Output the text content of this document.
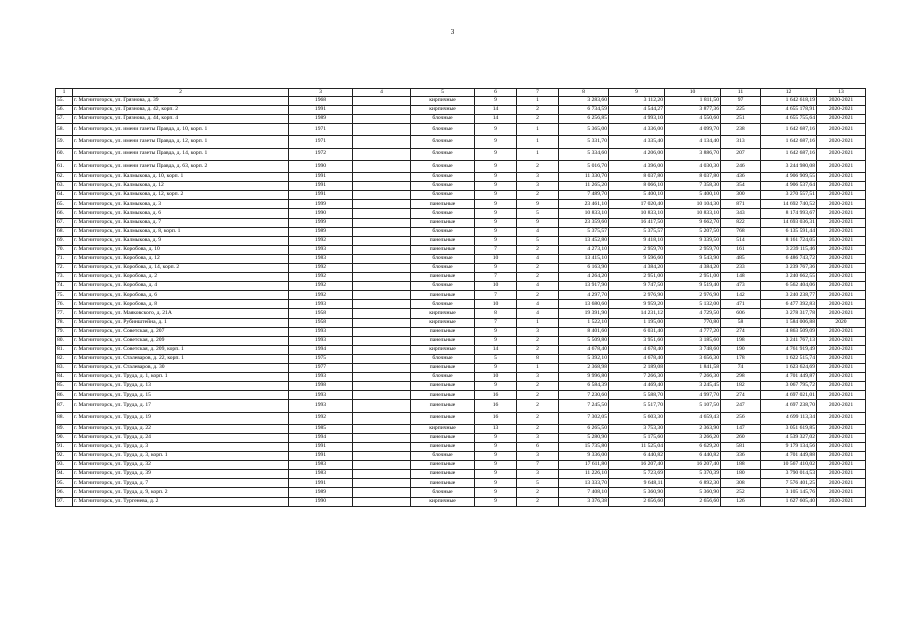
3
1	2	3	4	5	6	7	8	9	10	11	12	13
55.	г. Магнитогорск, ул. Грязнова, д. 39	1968		кирпичные	9	1	3 283,60	3 112,20	1 811,50	97	1 642 618,19	2020-2021
56.	г. Магнитогорск, ул. Грязнова, д. 42, корп. 2	1991		кирпичные	14	2	6 734,59	4 544,27	3 877,36	225	4 655 178,91	2020-2021
57.	г. Магнитогорск, ул. Грязнова, д. 44, корп. 4	1989		блочные	14	2	6 256,85	4 993,10	4 550,60	251	4 655 755,64	2020-2021
58.	г. Магнитогорск, ул. имени газеты Правда, д. 10, корп. 1	1971		блочные	9	1	5 365,00	4 336,00	4 099,70	238	1 642 687,16	2020-2021
59.	г. Магнитогорск, ул. имени газеты Правда, д. 12, корп. 1	1971		блочные	9	1	5 331,70	4 335,40	4 134,40	313	1 642 687,16	2020-2021
60.	г. Магнитогорск, ул. имени газеты Правда, д. 14, корп. 1	1972		блочные	9	1	5 334,60	4 206,00	3 886,70	207	1 642 687,16	2020-2021
61.	г. Магнитогорск, ул. имени газеты Правда, д. 63, корп. 2	1990		блочные	9	2	5 016,70	4 396,00	4 030,30	246	3 244 980,08	2020-2021
62.	г. Магнитогорск, ул. Калмыкова, д. 10, корп. 1	1991		блочные	9	3	11 330,70	8 037,80	8 037,80	436	4 906 909,55	2020-2021
63.	г. Магнитогорск, ул. Калмыкова, д. 12	1991		блочные	9	3	11 265,20	8 066,10	7 358,30	354	4 906 537,64	2020-2021
64.	г. Магнитогорск, ул. Калмыкова, д. 12, корп. 2	1991		блочные	9	2	7 489,70	5 400,10	5 400,10	300	3 270 557,51	2020-2021
65.	г. Магнитогорск, ул. Калмыкова, д. 3	1999		панельные	9	9	23 461,10	17 020,40	10 104,30	871	14 692 740,52	2020-2021
66.	г. Магнитогорск, ул. Калмыкова, д. 6	1990		блочные	9	5	10 833,10	10 833,10	10 833,10	343	8 174 993,67	2020-2021
67.	г. Магнитогорск, ул. Калмыкова, д. 7	1999		панельные	9	9	23 359,60	16 417,50	9 662,70	822	14 693 036,31	2020-2021
68.	г. Магнитогорск, ул. Калмыкова, д. 8, корп. 1	1989		блочные	9	4	5 375,57	5 375,57	5 207,50	768	6 135 591,44	2020-2021
69.	г. Магнитогорск, ул. Калмыкова, д. 9	1992		панельные	9	5	13 452,80	9 418,10	9 339,50	514	8 161 724,05	2020-2021
70.	г. Магнитогорск, ул. Коробова, д. 10	1993		панельные	7	2	4 273,10	2 959,70	2 959,70	161	3 239 115,46	2020-2021
71.	г. Магнитогорск, ул. Коробова, д. 12	1983		блочные	10	4	13 415,10	9 596,60	9 543,90	485	6 486 743,72	2020-2021
72.	г. Магнитогорск, ул. Коробова, д. 14, корп. 2	1992		блочные	9	2	6 163,90	4 384,20	4 384,20	233	3 239 767,36	2020-2021
73.	г. Магнитогорск, ул. Коробова, д. 2	1992		панельные	7	2	4 264,20	2 951,00	2 951,00	148	3 240 662,55	2020-2021
74.	г. Магнитогорск, ул. Коробова, д. 4	1992		блочные	10	4	13 917,90	9 747,50	9 519,40	473	6 562 404,06	2020-2021
75.	г. Магнитогорск, ул. Коробова, д. 6	1992		панельные	7	2	4 297,70	2 976,90	2 976,90	142	3 240 238,77	2020-2021
76.	г. Магнитогорск, ул. Коробова, д. 8	1993		блочные	10	4	13 680,60	9 959,20	5 132,00	471	6 477 392,83	2020-2021
77.	г. Магнитогорск, ул. Маяковского, д. 21А	1958		кирпичные	8	4	19 391,90	14 231,12	4 729,50	606	3 278 317,78	2020-2021
78.	г. Магнитогорск, ул. Рубинштейна, д. 1	1958		кирпичные	7	1	1 522,10	1 195,00	770,80	58	1 584 006,88	2020
79.	г. Магнитогорск, ул. Советская, д. 207	1993		панельные	9	3	8 401,60	6 031,40	4 777,20	274	4 863 509,09	2020-2021
80.	г. Магнитогорск, ул. Советская, д. 209	1993		панельные	9	2	5 509,80	3 951,60	3 185,60	198	3 241 767,13	2020-2021
81.	г. Магнитогорск, ул. Советская, д. 209, корп. 1	1994		кирпичные	14	2	4 678,40	4 678,40	3 748,60	190	4 761 919,49	2020-2021
82.	г. Магнитогорск, ул. Сталеваров, д. 22, корп. 1	1975		блочные	5	8	5 392,10	4 678,40	3 656,30	178	1 622 515,74	2020-2021
83.	г. Магнитогорск, ул. Сталеваров, д. 30	1977		панельные	9	1	2 368,98	2 189,08	1 841,58	74	1 623 624,69	2020-2021
84.	г. Магнитогорск, ул. Труда, д. 1, корп. 1	1993		блочные	10	3	9 996,80	7 266,30	7 266,30	298	4 701 449,87	2020-2021
85.	г. Магнитогорск, ул. Труда, д. 13	1998		панельные	9	2	6 584,39	4 469,40	3 245,45	182	3 067 795,72	2020-2021
86.	г. Магнитогорск, ул. Труда, д. 15	1993		панельные	16	2	7 230,60	5 588,70	4 997,70	274	4 697 021,01	2020-2021
87.	г. Магнитогорск, ул. Труда, д. 17	1993		панельные	16	2	7 245,50	5 517,70	5 107,50	247	4 697 238,70	2020-2021
88.	г. Магнитогорск, ул. Труда, д. 19	1992		панельные	16	2	7 302,05	5 603,30	4 659,43	256	4 699 113,34	2020-2021
89.	г. Магнитогорск, ул. Труда, д. 22	1985		кирпичные	13	2	6 265,50	3 753,30	2 363,90	147	3 051 619,85	2020-2021
90.	г. Магнитогорск, ул. Труда, д. 24	1994		панельные	9	3	5 280,90	5 175,60	3 266,20	260	4 539 327,02	2020-2021
91.	г. Магнитогорск, ул. Труда, д. 3	1991		панельные	9	6	15 735,80	11 525,04	6 629,20	581	9 179 134,56	2020-2021
92.	г. Магнитогорск, ул. Труда, д. 3, корп. 1	1991		блочные	9	3	9 336,00	6 440,82	6 440,82	336	4 701 449,88	2020-2021
93.	г. Магнитогорск, ул. Труда, д. 32	1983		панельные	9	7	17 611,80	16 207,40	16 207,40	188	10 567 410,02	2020-2021
94.	г. Магнитогорск, ул. Труда, д. 39	1983		панельные	9	3	11 226,10	5 723,69	5 370,39	180	3 790 014,53	2020-2021
95.	г. Магнитогорск, ул. Труда, д. 7	1991		панельные	9	5	13 333,70	9 648,11	6 892,30	308	7 576 401,25	2020-2021
96.	г. Магнитогорск, ул. Труда, д. 9, корп. 2	1989		блочные	9	2	7 408,10	5 360,90	5 360,90	252	3 105 145,76	2020-2021
97.	г. Магнитогорск, ул. Тургенева, д. 2	1990		кирпичные	9	2	3 376,38	2 656,60	2 656,60	126	1 627 605,40	2020-2021
